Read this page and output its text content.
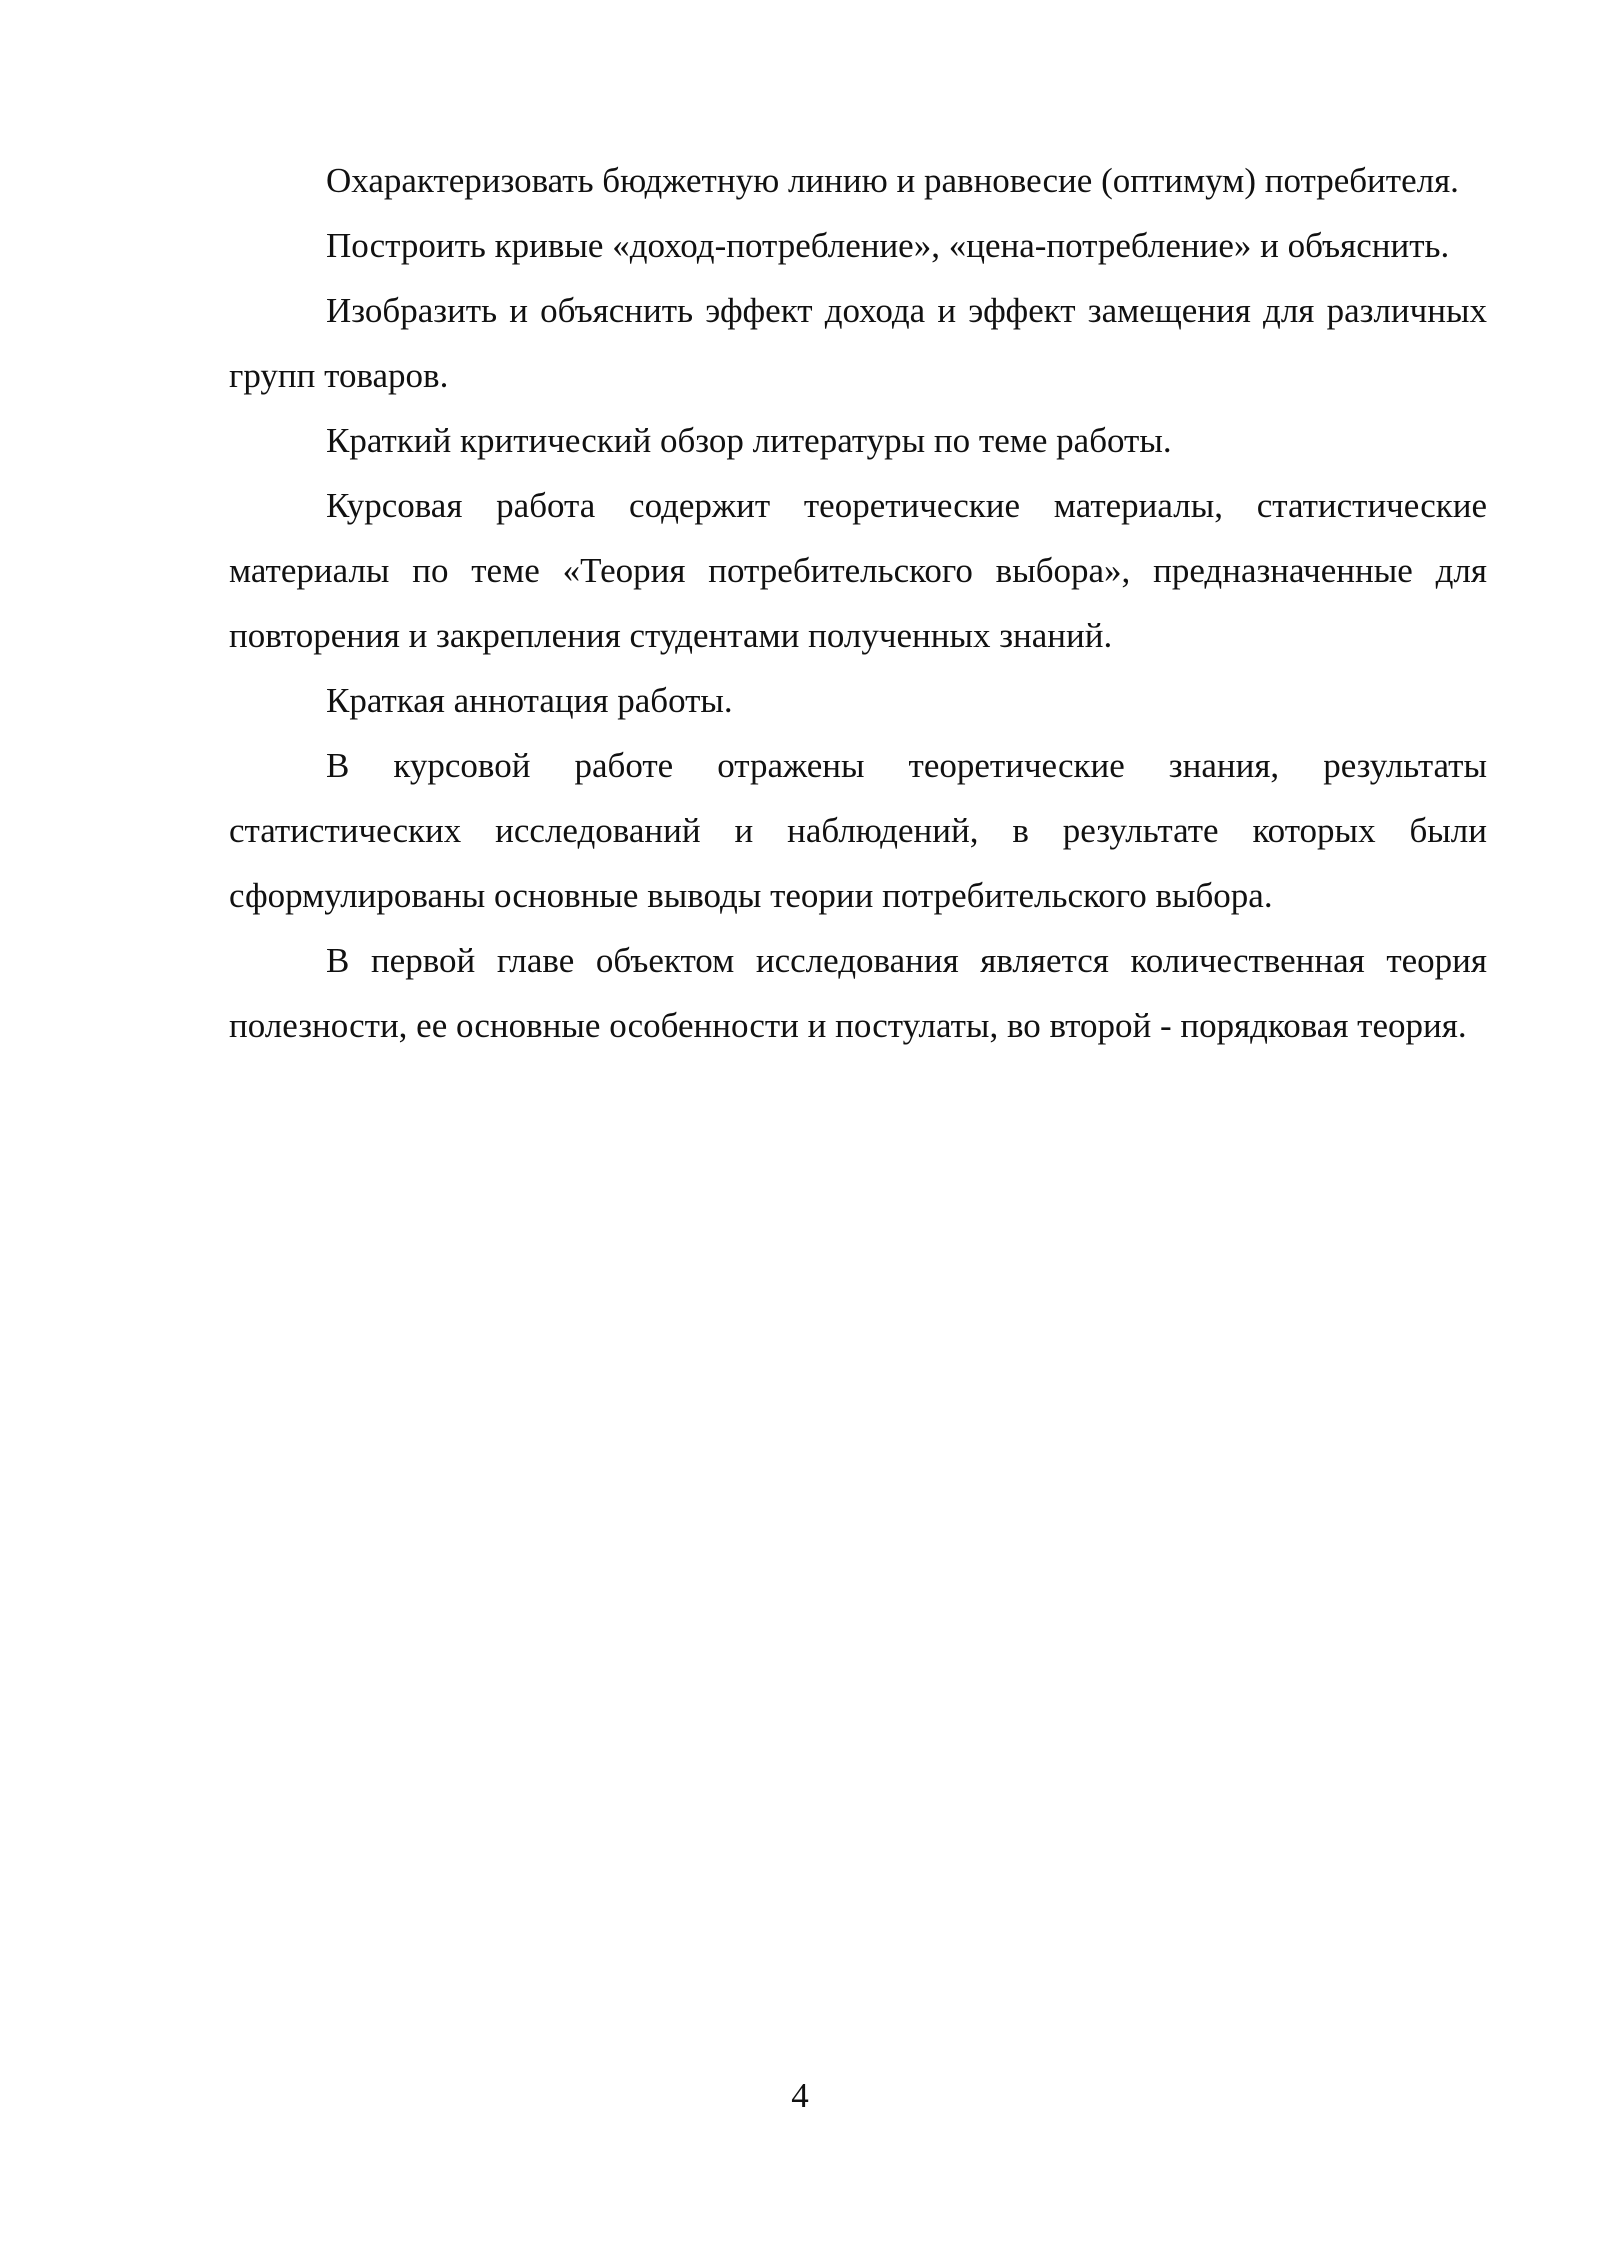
Охарактеризовать бюджетную линию и равновесие (оптимум) потребителя.

Построить кривые «доход-потребление», «цена-потребление» и объяснить.

Изобразить и объяснить эффект дохода и эффект замещения для различных групп товаров.

Краткий критический обзор литературы по теме работы.

Курсовая работа содержит теоретические материалы, статистические материалы по теме «Теория потребительского выбора», предназначенные для повторения и закрепления студентами полученных знаний.

Краткая аннотация работы.

В курсовой работе отражены теоретические знания, результаты статистических исследований и наблюдений, в результате которых были сформулированы основные выводы теории потребительского выбора.

В первой главе объектом исследования является количественная теория полезности, ее основные особенности и постулаты, во второй - порядковая теория.

4
